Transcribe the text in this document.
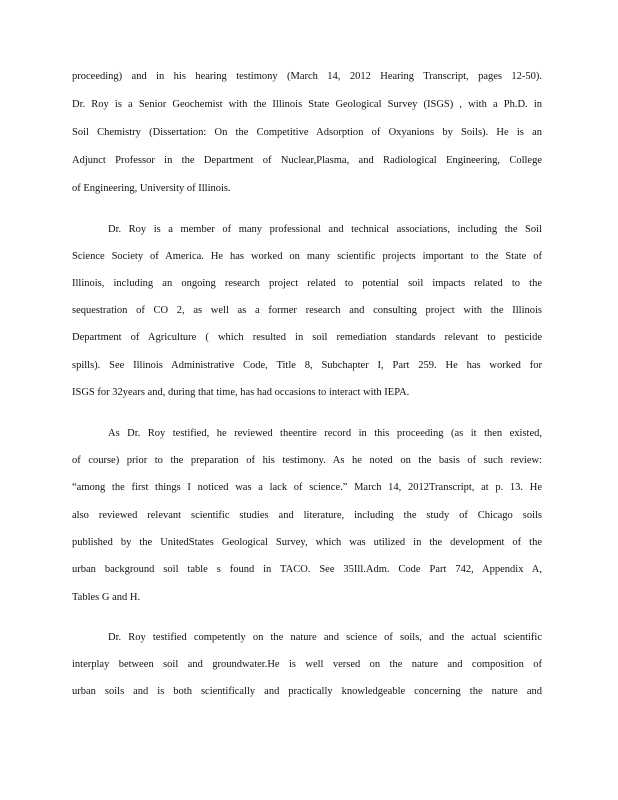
proceeding) and in his hearing testimony (March 14, 2012 Hearing Transcript, pages 12-50).
Dr. Roy is a Senior Geochemist with the Illinois State Geological Survey (ISGS) , with a Ph.D. in
Soil Chemistry (Dissertation: On the Competitive Adsorption of Oxyanions by Soils). He is an
Adjunct Professor in the Department of Nuclear,Plasma, and Radiological Engineering, College
of Engineering, University of Illinois.
Dr. Roy is a member of many professional and technical associations, including the Soil
Science Society of America. He has worked on many scientific projects important to the State of
Illinois, including an ongoing research project related to potential soil impacts related to the
sequestration of CO 2, as well as a former research and consulting project with the Illinois
Department of Agriculture ( which resulted in soil remediation standards relevant to pesticide
spills). See Illinois Administrative Code, Title 8, Subchapter I, Part 259. He has worked for
ISGS for 32years and, during that time, has had occasions to interact with IEPA.
As Dr. Roy testified, he reviewed theentire record in this proceeding (as it then existed,
of course) prior to the preparation of his testimony. As he noted on the basis of such review:
“among the first things I noticed was a lack of science.” March 14, 2012Transcript, at p. 13. He
also reviewed relevant scientific studies and literature, including the study of Chicago soils
published by the UnitedStates Geological Survey, which was utilized in the development of the
urban background soil table s found in TACO. See 35Ill.Adm. Code Part 742, Appendix A,
Tables G and H.
Dr. Roy testified competently on the nature and science of soils, and the actual scientific
interplay between soil and groundwater.He is well versed on the nature and composition of
urban soils and is both scientifically and practically knowledgeable concerning the nature and
